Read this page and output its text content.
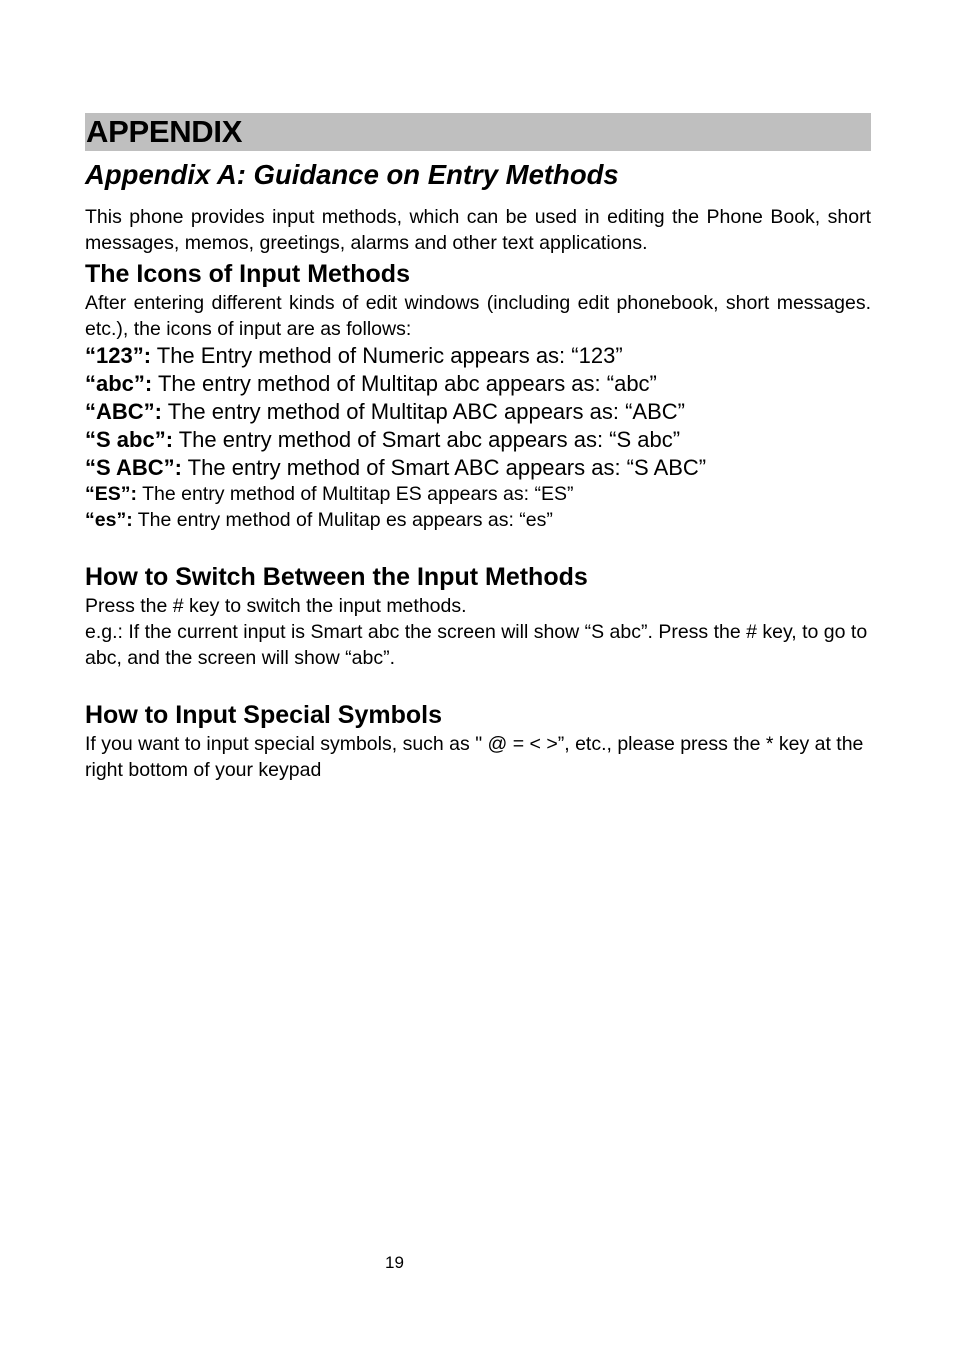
APPENDIX
Appendix A: Guidance on Entry Methods

This phone provides input methods, which can be used in editing the Phone Book, short messages, memos, greetings, alarms and other text applications.

The Icons of Input Methods

After entering different kinds of edit windows (including edit phonebook, short messages. etc.), the icons of input are as follows:

“123”: The Entry method of Numeric appears as: “123”
“abc”: The entry method of Multitap abc appears as: “abc”
“ABC”: The entry method of Multitap ABC appears as: “ABC”
“S abc”: The entry method of Smart abc appears as: “S abc”
“S ABC”: The entry method of Smart ABC appears as: “S ABC”
“ES”: The entry method of Multitap ES appears as: “ES”
“es”: The entry method of Mulitap es appears as: “es”
How to Switch Between the Input Methods

Press the # key to switch the input methods.

e.g.: If the current input is Smart abc the screen will show “S abc”. Press the # key, to go to abc, and the screen will show “abc”.

How to Input Special Symbols

If you want to input special symbols, such as " @ = < >”, etc., please press the * key at the right bottom of your keypad

19
